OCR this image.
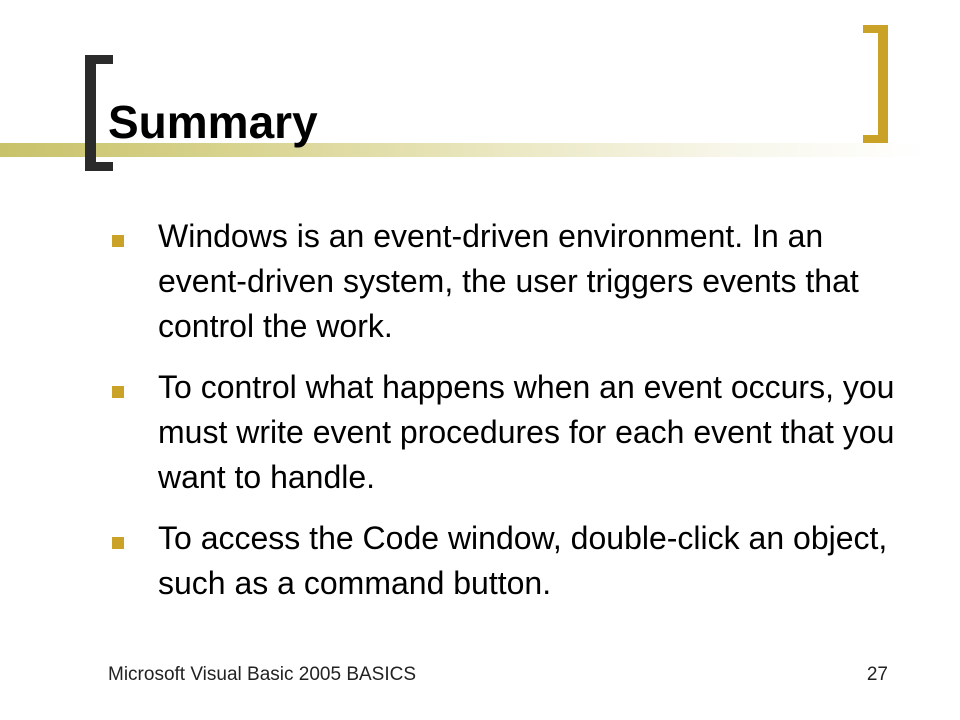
Summary
Windows is an event-driven environment. In an event-driven system, the user triggers events that control the work.
To control what happens when an event occurs, you must write event procedures for each event that you want to handle.
To access the Code window, double-click an object, such as a command button.
Microsoft Visual Basic 2005 BASICS	27
